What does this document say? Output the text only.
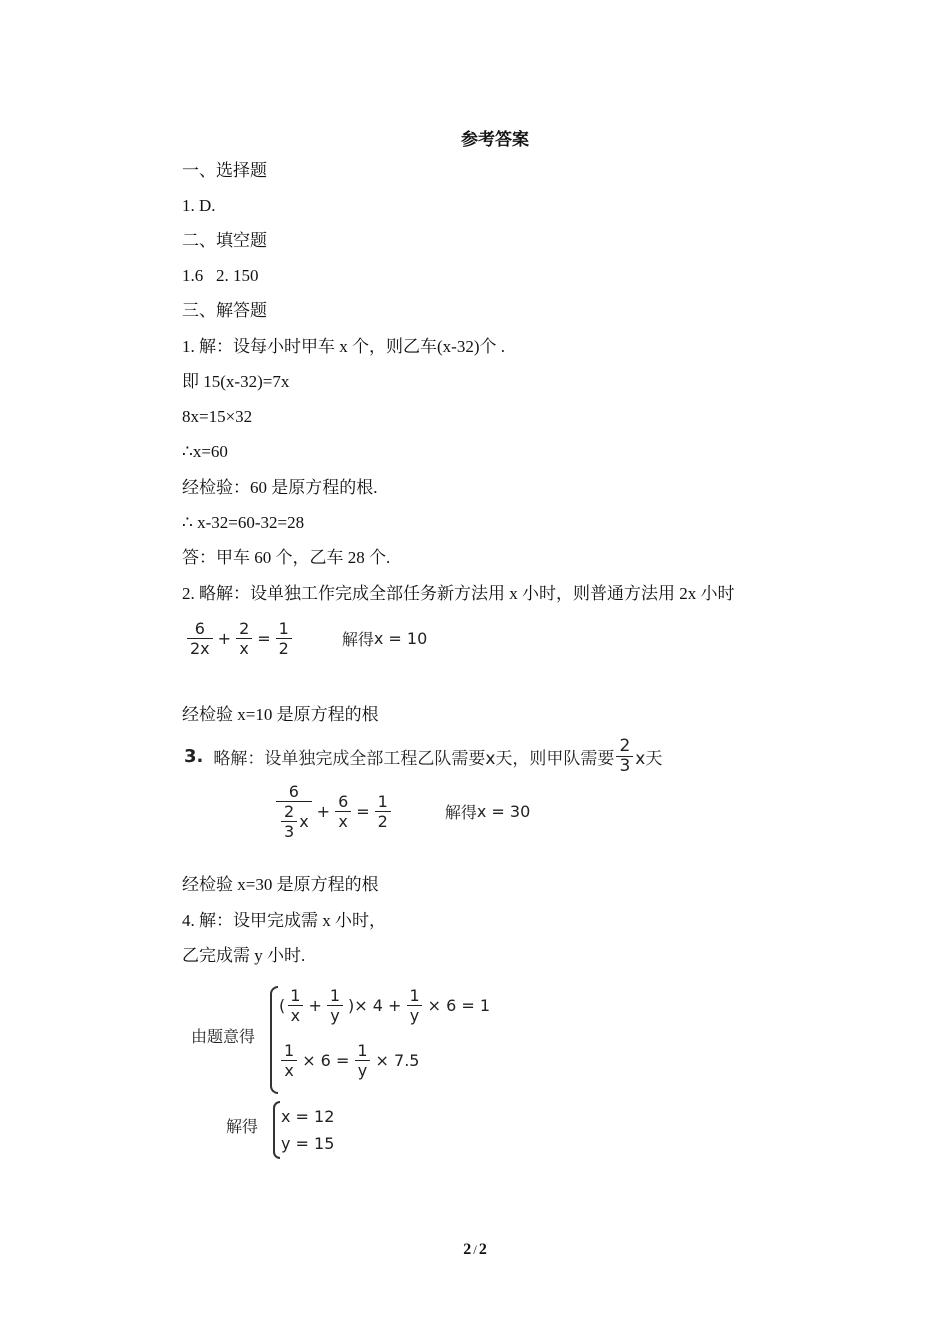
参考答案
一、选择题
1. D.
二、填空题
1.6   2. 150
三、解答题
1. 解：设每小时甲车 x 个，则乙车(x-32)个 .
即 15(x-32)=7x
8x=15×32
∴x=60
经检验：60 是原方程的根.
∴ x-32=60-32=28
答：甲车 60 个，乙车 28 个.
2. 略解：设单独工作完成全部任务新方法用 x 小时，则普通方法用 2x 小时
$\frac{6}{2x} + \frac{2}{x} = \frac{1}{2}$	解得 x = 10
经检验 x=10 是原方程的根
3. 略解：设单独完成全部工程乙队需要x天，则甲队需要 $\frac{2}{3}$ x天
$\frac{6}{\frac{2}{3} x} + \frac{6}{x} = \frac{1}{2}$	解得 x = 30
经检验 x=30 是原方程的根
4. 解：设甲完成需 x 小时，
乙完成需 y 小时.
由题意得
( $\frac{1}{x} + \frac{1}{y}$ )× $4 + \frac{1}{y} \times 6 = 1$
$\frac{1}{x} \times 6 = \frac{1}{y} \times 7.5$
解得
x = 12
y = 15
2 / 2
